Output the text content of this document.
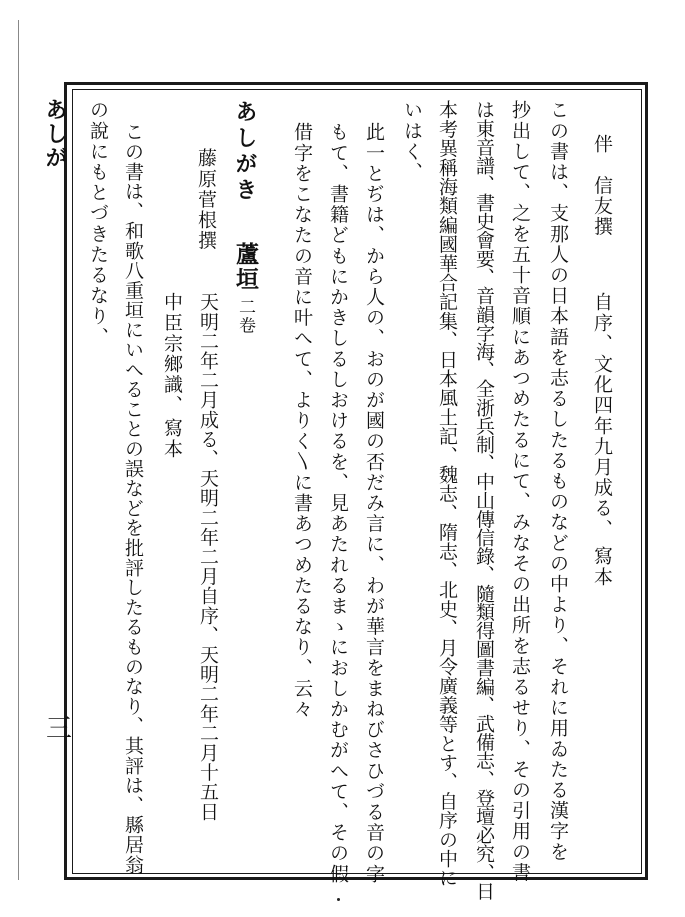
あしが
三
伴　信友撰
自序、文化四年九月成る、
寫本
この書は、支那人の日本語を志るしたるものなどの中より、それに用ゐたる漢字を
抄出して、之を五十音順にあつめたるにて、みなその出所を志るせり、その引用の書
は東音譜、書史會要、音韻字海、全浙兵制、中山傳信錄、隨類得圖書編、武備志、登壇必究、日
本考異稱海類編國華合記集、日本風土記、魏志、隋志、北史、月令廣義等とす、自序の中に
いはく、
此一とぢは、から人の、おのが國の否だみ言に、わが華言をまねびさひづる音の字
もて、書籍どもにかきしるしおけるを、見あたれるまゝにおしかむがへて、その假
借字をこなたの音に叶へて、よりく〵に書あつめたるなり、云々
あしがき
蘆垣
二卷
藤原菅根撰
天明二年二月成る、天明二年二月自序、天明二年二月十五日
中臣宗鄉識、
寫本
この書は、和歌八重垣にいへることの誤などを批評したるものなり、其評は、縣居翁
の說にもとづきたるなり、
